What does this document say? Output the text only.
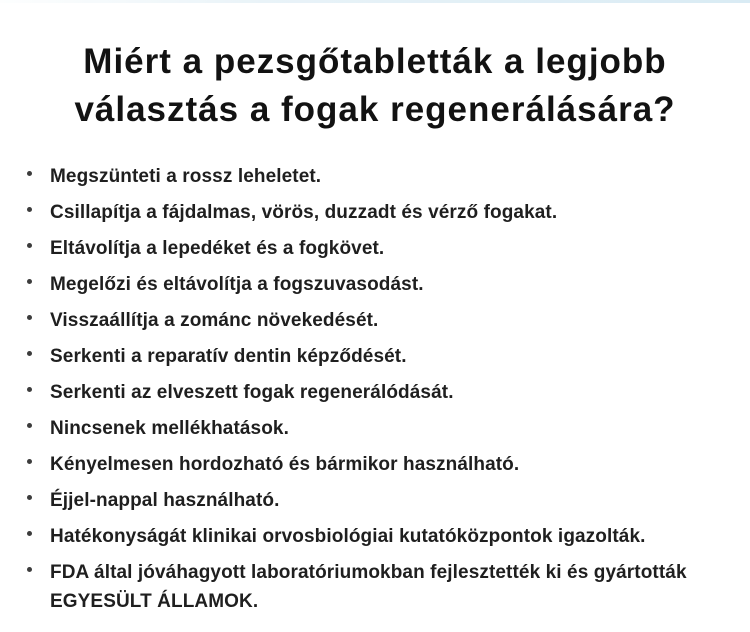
Miért a pezsgőtabletták a legjobb
választás a fogak regenerálására?
Megszünteti a rossz leheletet.
Csillapítja a fájdalmas, vörös, duzzadt és vérző fogakat.
Eltávolítja a lepedéket és a fogkövet.
Megelőzi és eltávolítja a fogszuvasodást.
Visszaállítja a zománc növekedését.
Serkenti a reparatív dentin képződését.
Serkenti az elveszett fogak regenerálódását.
Nincsenek mellékhatások.
Kényelmesen hordozható és bármikor használható.
Éjjel-nappal használható.
Hatékonyságát klinikai orvosbiológiai kutatóközpontok igazolták.
FDA által jóváhagyott laboratóriumokban fejlesztették ki és gyártották
EGYESÜLT ÁLLAMOK.
